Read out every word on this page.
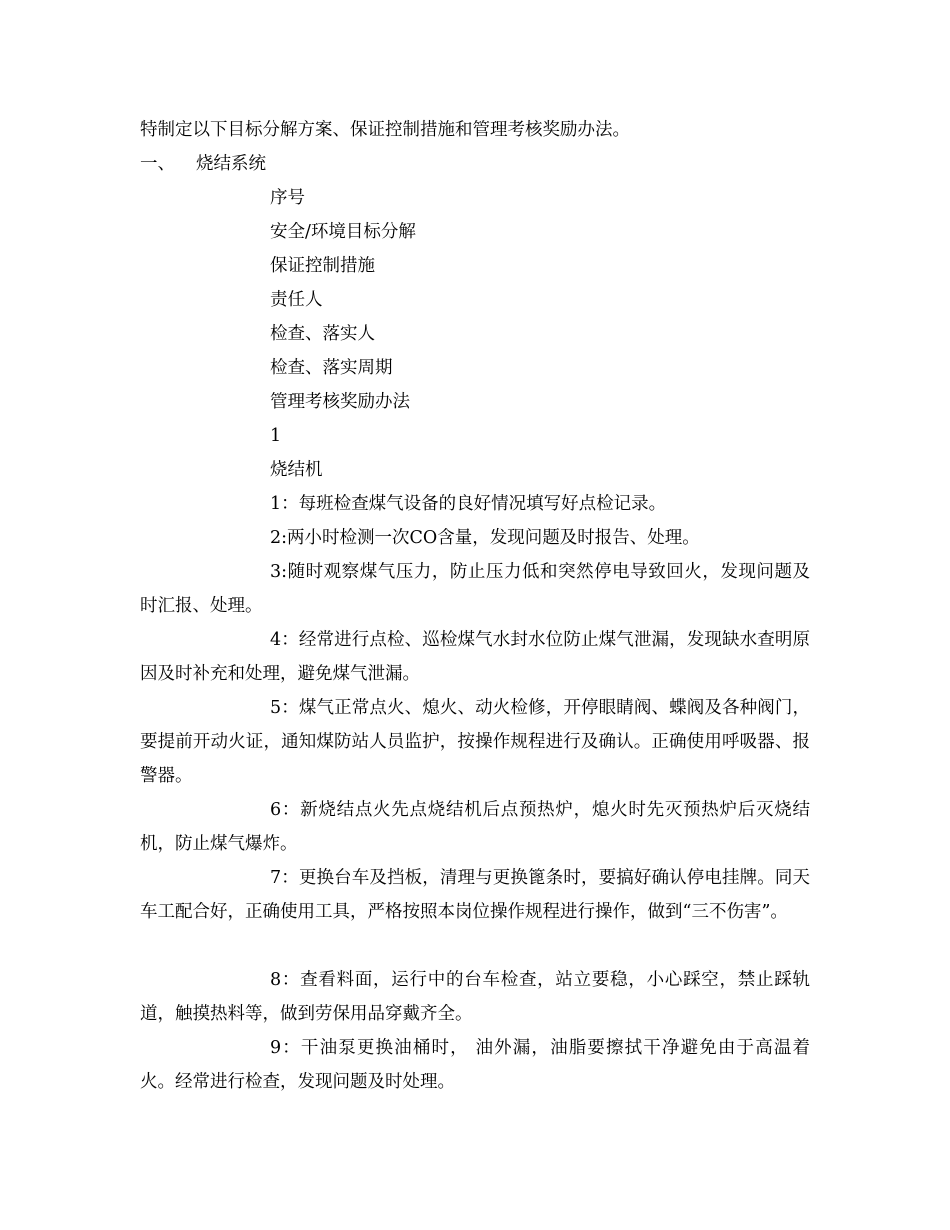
特制定以下目标分解方案、保证控制措施和管理考核奖励办法。
一、 烧结系统
序号
安全/环境目标分解
保证控制措施
责任人
检查、落实人
检查、落实周期
管理考核奖励办法
1
烧结机
1：每班检查煤气设备的良好情况填写好点检记录。
2:两小时检测一次CO含量，发现问题及时报告、处理。
3:随时观察煤气压力，防止压力低和突然停电导致回火，发现问题及时汇报、处理。
4：经常进行点检、巡检煤气水封水位防止煤气泄漏，发现缺水查明原因及时补充和处理，避免煤气泄漏。
5：煤气正常点火、熄火、动火检修，开停眼睛阀、蝶阀及各种阀门，要提前开动火证，通知煤防站人员监护，按操作规程进行及确认。正确使用呼吸器、报警器。
6：新烧结点火先点烧结机后点预热炉，熄火时先灭预热炉后灭烧结机，防止煤气爆炸。
7：更换台车及挡板，清理与更换篦条时，要搞好确认停电挂牌。同天车工配合好，正确使用工具，严格按照本岗位操作规程进行操作，做到“三不伤害”。
8：查看料面，运行中的台车检查，站立要稳，小心踩空，禁止踩轨道，触摸热料等，做到劳保用品穿戴齐全。
9：干油泵更换油桶时， 油外漏，油脂要擦拭干净避免由于高温着火。经常进行检查，发现问题及时处理。
